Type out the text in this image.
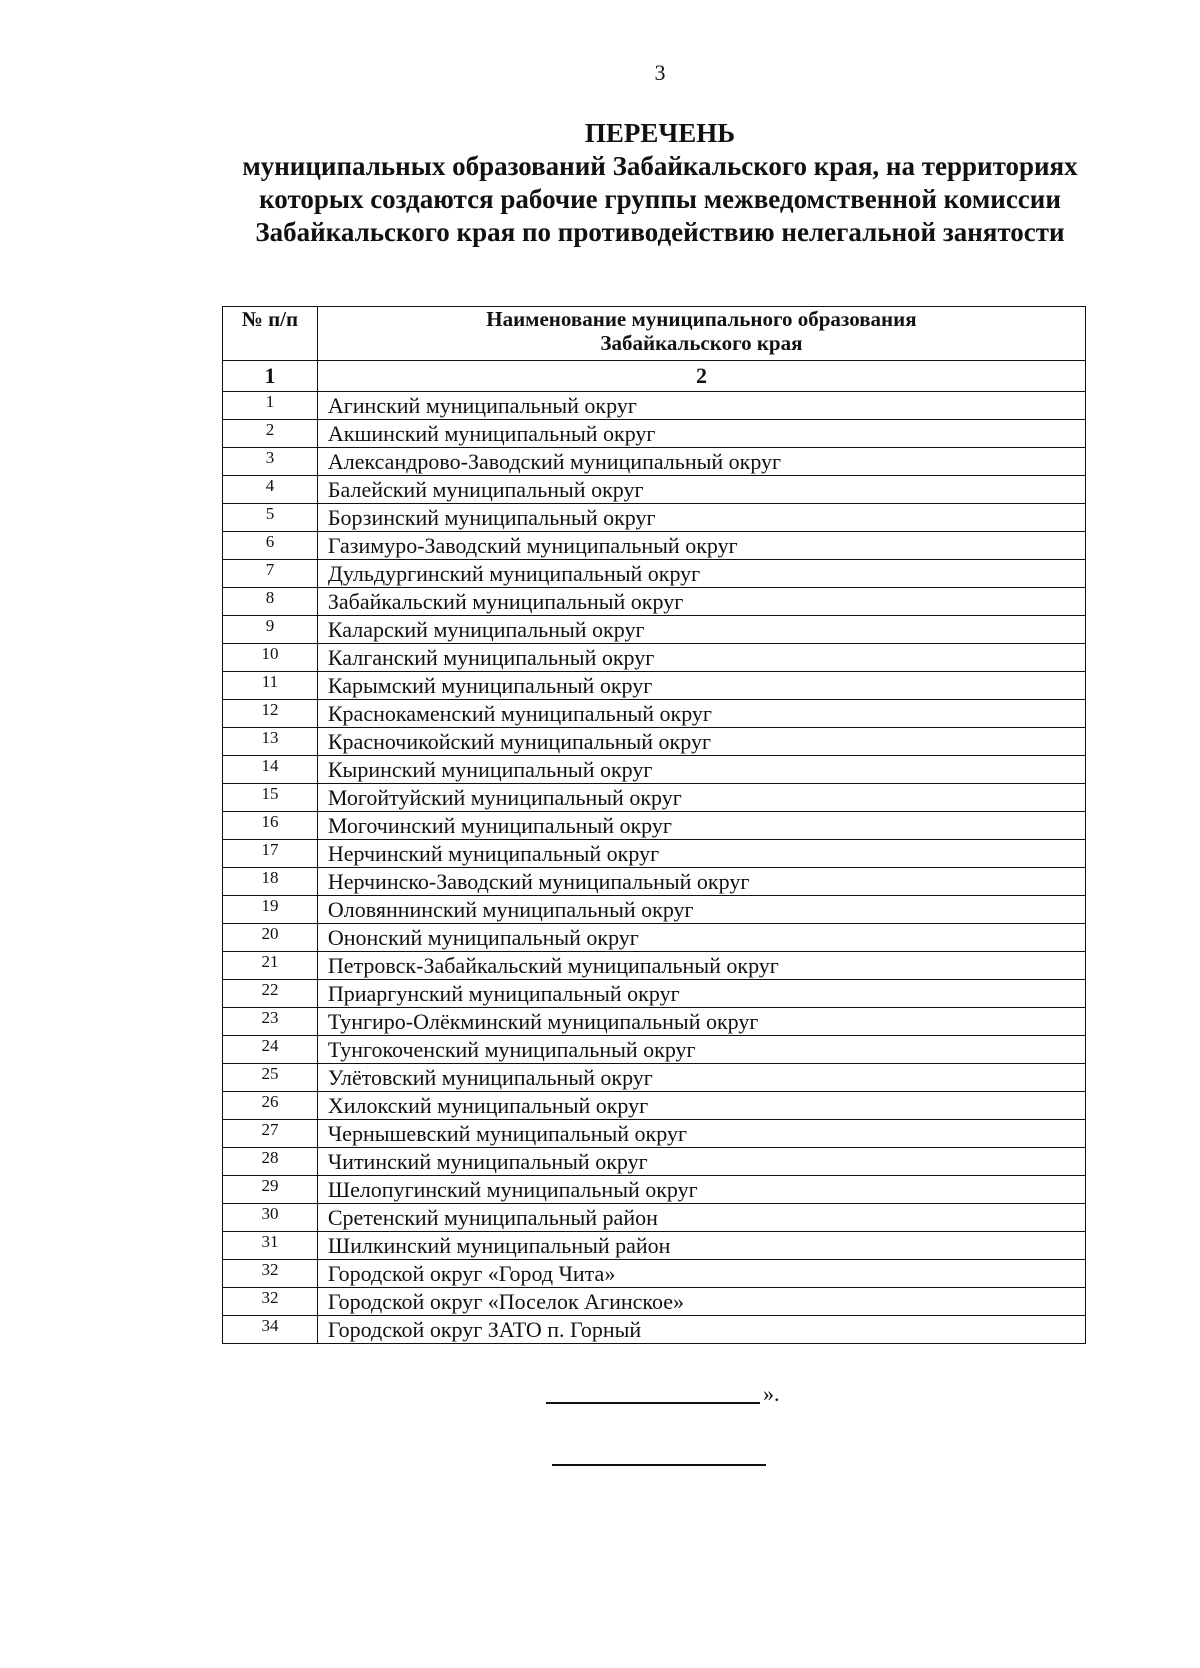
3
ПЕРЕЧЕНЬ
муниципальных образований Забайкальского края, на территориях
которых создаются рабочие группы межведомственной комиссии
Забайкальского края по противодействию нелегальной занятости
№ п/п	Наименование муниципального образования
Забайкальского края

1	2
1	Агинский муниципальный округ
2	Акшинский муниципальный округ
3	Александрово-Заводский муниципальный округ
4	Балейский муниципальный округ
5	Борзинский муниципальный округ
6	Газимуро-Заводский муниципальный округ
7	Дульдургинский муниципальный округ
8	Забайкальский муниципальный округ
9	Каларский муниципальный округ
10	Калганский муниципальный округ
11	Карымский муниципальный округ
12	Краснокаменский муниципальный округ
13	Красночикойский муниципальный округ
14	Кыринский муниципальный округ
15	Могойтуйский муниципальный округ
16	Могочинский муниципальный округ
17	Нерчинский муниципальный округ
18	Нерчинско-Заводский муниципальный округ
19	Оловяннинский муниципальный округ
20	Ононский муниципальный округ
21	Петровск-Забайкальский муниципальный округ
22	Приаргунский муниципальный округ
23	Тунгиро-Олёкминский муниципальный округ
24	Тунгокоченский муниципальный округ
25	Улётовский муниципальный округ
26	Хилокский муниципальный округ
27	Чернышевский муниципальный округ
28	Читинский муниципальный округ
29	Шелопугинский муниципальный округ
30	Сретенский муниципальный район
31	Шилкинский муниципальный район
32	Городской округ «Город Чита»
32	Городской округ «Поселок Агинское»
34	Городской округ ЗАТО п. Горный
».
